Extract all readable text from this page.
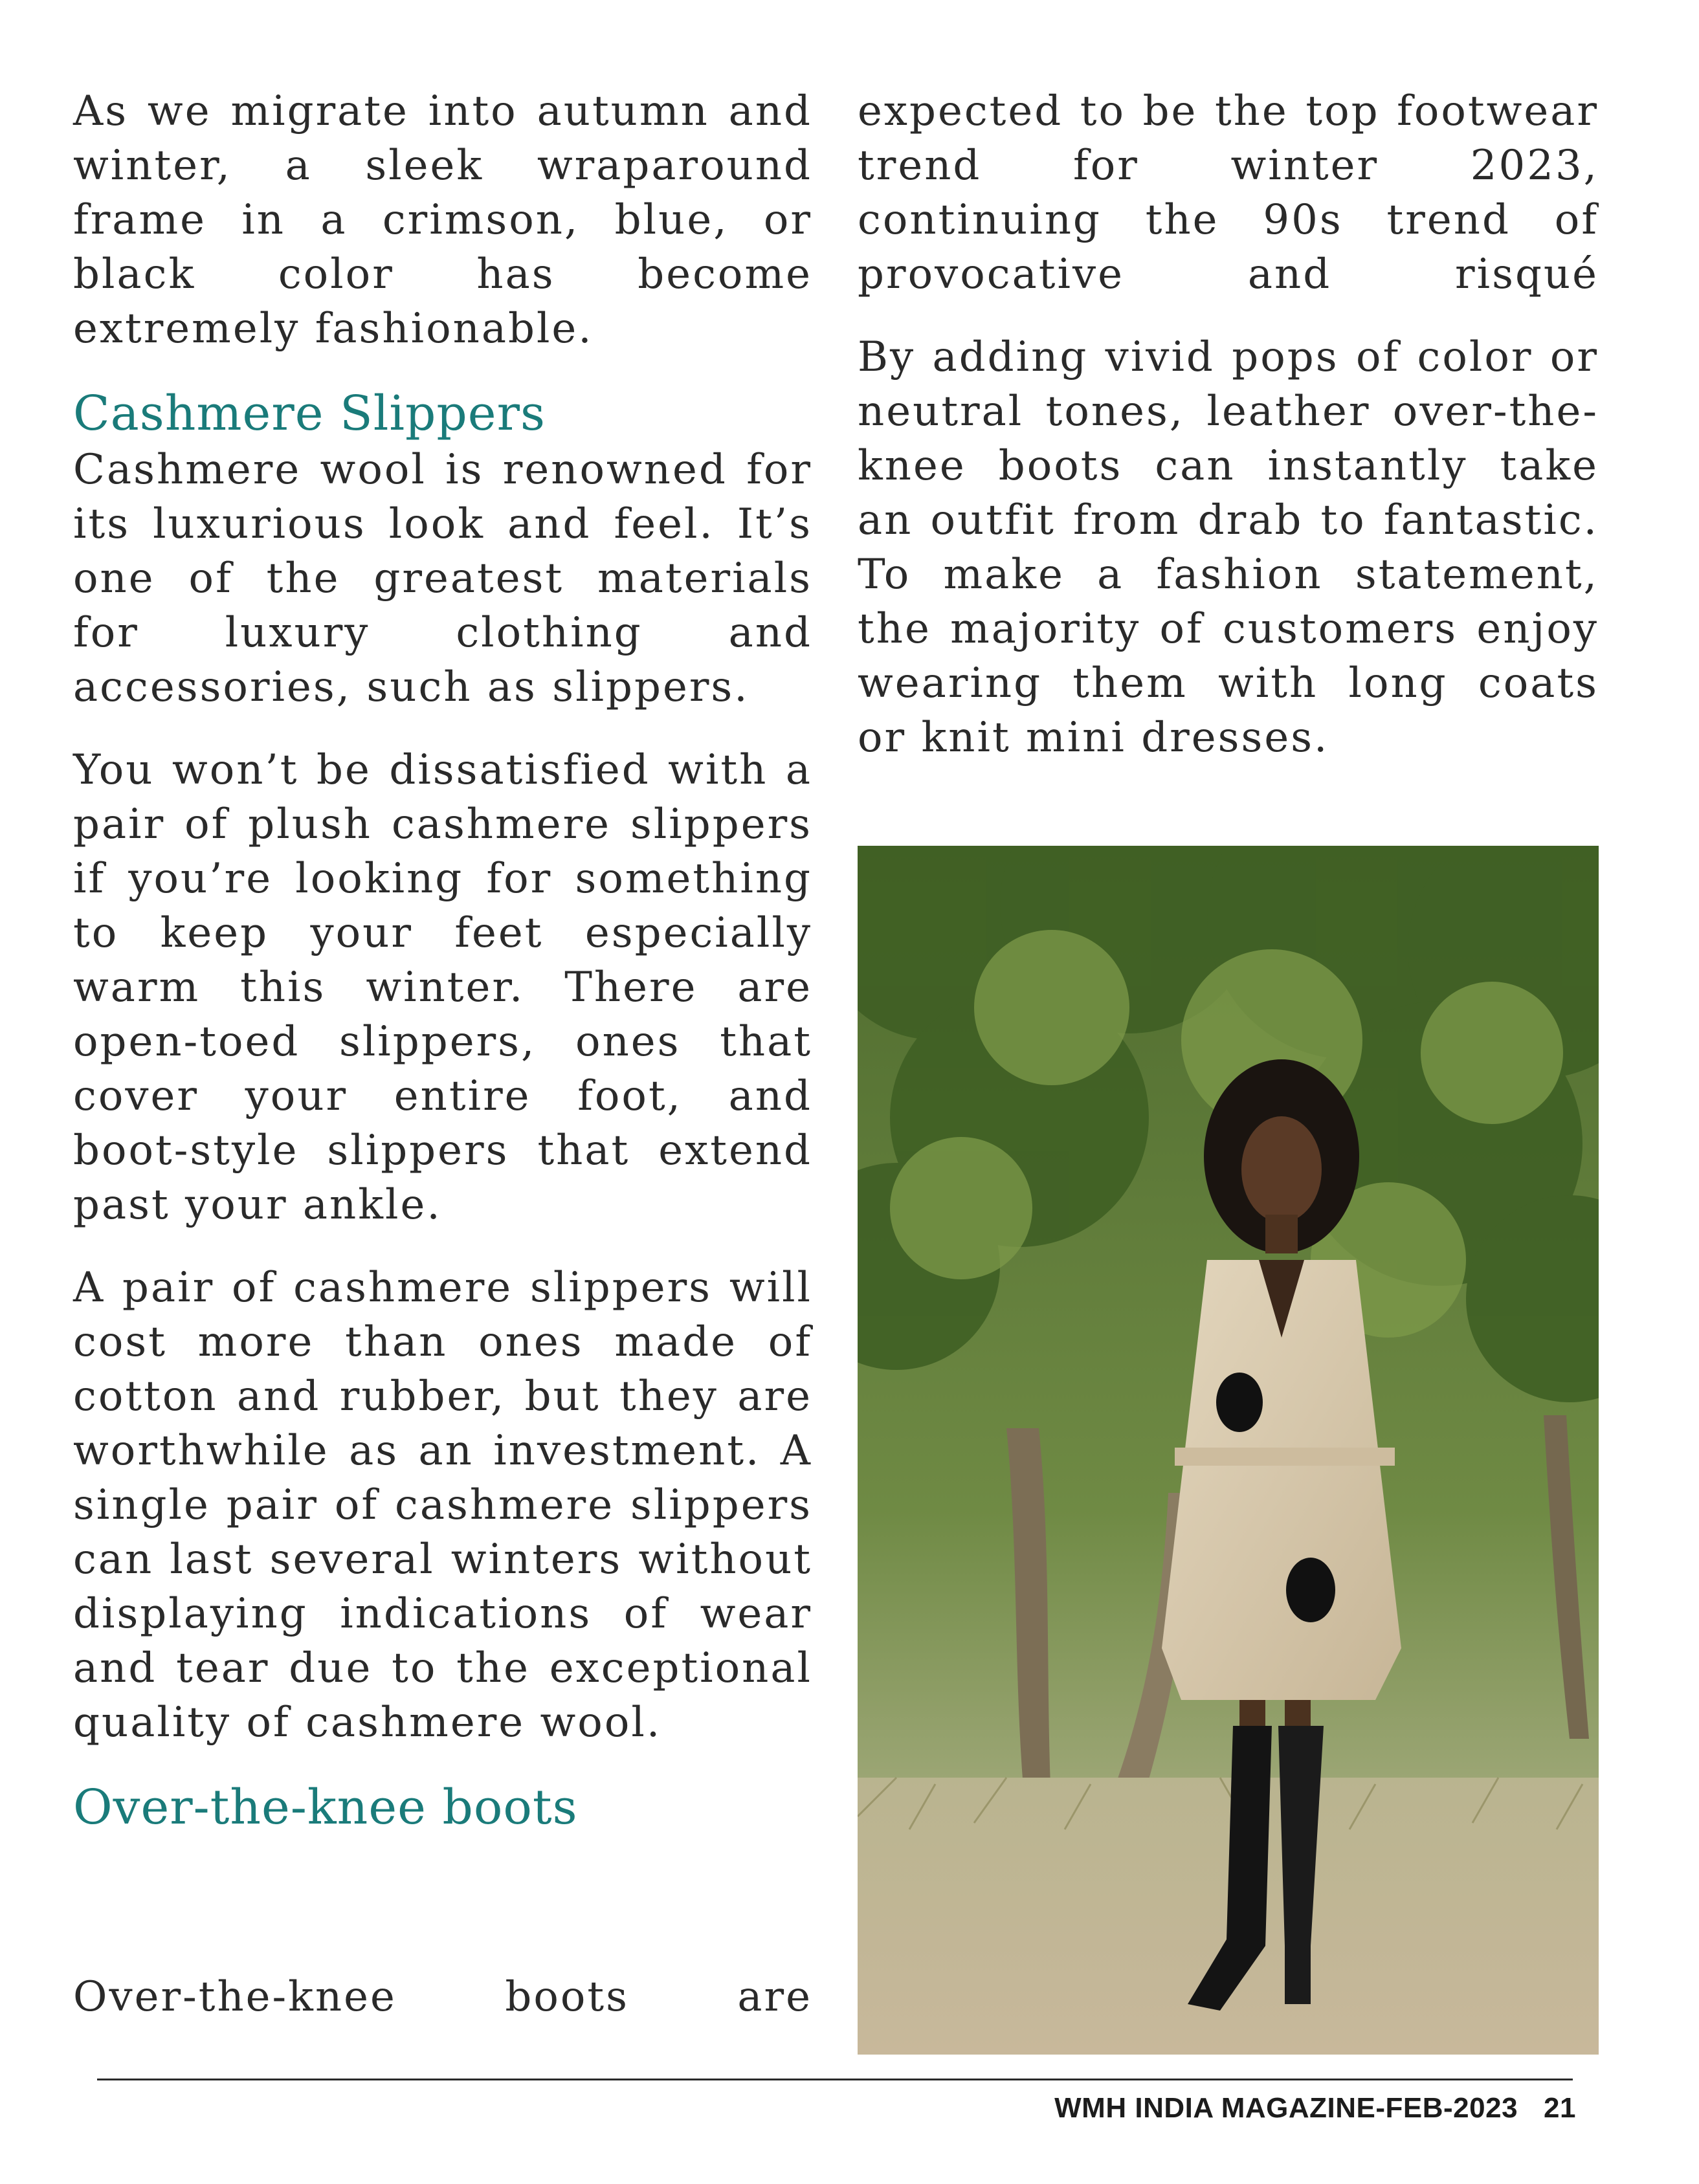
As we migrate into autumn and winter, a sleek wraparound frame in a crimson, blue, or black color has become extremely fashionable.

Cashmere Slippers

Cashmere wool is renowned for its luxurious look and feel. It’s one of the greatest materials for luxury clothing and accessories, such as slippers.

You won’t be dissatisfied with a pair of plush cashmere slippers if you’re looking for something to keep your feet especially warm this winter. There are open-toed slippers, ones that cover your entire foot, and boot-style slippers that extend past your ankle.

A pair of cashmere slippers will cost more than ones made of cotton and rubber, but they are worthwhile as an investment. A single pair of cashmere slippers can last several winters without displaying indications of wear and tear due to the exceptional quality of cashmere wool.

Over-the-knee boots

Over-the-knee boots are

expected to be the top footwear trend for winter 2023, continuing the 90s trend of provocative and risqué

By adding vivid pops of color or neutral tones, leather over-the-knee boots can instantly take an outfit from drab to fantastic. To make a fashion statement, the majority of customers enjoy wearing them with long coats or knit mini dresses.

WMH INDIA MAGAZINE-FEB-2023 21
